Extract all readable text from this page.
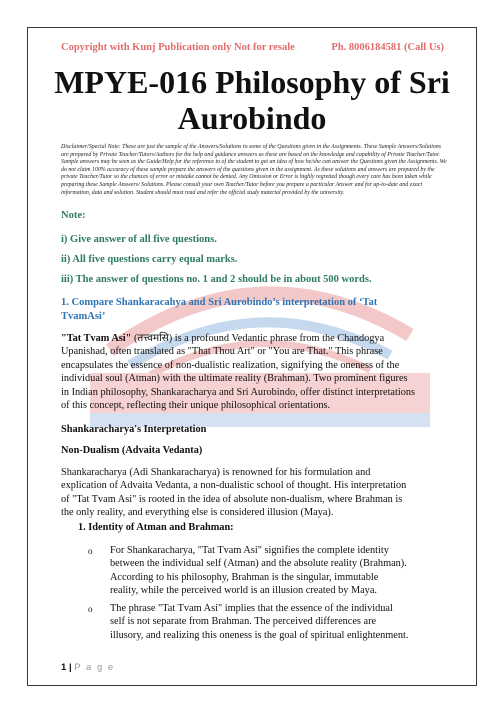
Copyright with Kunj Publication only Not for resale	Ph. 8006184581 (Call Us)
MPYE-016 Philosophy of Sri
Aurobindo
Disclaimer/Special Note: These are just the sample of the Answers/Solutions to some of the Questions given in the Assignments. These Sample Answers/Solutions are prepared by Private Teacher/Tutors/Authors for the help and guidance answers as these are based on the knowledge and capability of Private Teacher/Tutor. Sample answers may be seen as the Guide/Help for the reference to of the student to get an idea of how he/she can answer the Questions given the Assignments. We do not claim 100% accuracy of these sample prepare the answers of the questions given in the assignment. As these solutions and answers are prepared by the private Teacher/Tutor so the chances of error or mistake cannot be denied. Any Omission or Error is highly regretted though every care has been taken while preparing these Sample Answers/ Solutions. Please consult your own Teacher/Tutor before you prepare a particular Answer and for up-to-date and exact information, data and solution. Student should must read and refer the official study material provided by the university.
Note:
i) Give answer of all five questions.
ii) All five questions carry equal marks.
iii) The answer of questions no. 1 and 2 should be in about 500 words.
1. Compare Shankaracahya and Sri Aurobindo’s interpretation of ‘Tat
TvamAsi’
"Tat Tvam Asi" (तत्त्वमसि) is a profound Vedantic phrase from the Chandogya
Upanishad, often translated as "That Thou Art" or "You are That." This phrase
encapsulates the essence of non-dualistic realization, signifying the oneness of the
individual soul (Atman) with the ultimate reality (Brahman). Two prominent figures
in Indian philosophy, Shankaracharya and Sri Aurobindo, offer distinct interpretations
of this concept, reflecting their unique philosophical orientations.
Shankaracharya's Interpretation
Non-Dualism (Advaita Vedanta)
Shankaracharya (Adi Shankaracharya) is renowned for his formulation and
explication of Advaita Vedanta, a non-dualistic school of thought. His interpretation
of "Tat Tvam Asi" is rooted in the idea of absolute non-dualism, where Brahman is
the only reality, and everything else is considered illusion (Maya).
1. Identity of Atman and Brahman:
o For Shankaracharya, "Tat Tvam Asi" signifies the complete identity
between the individual self (Atman) and the absolute reality (Brahman).
According to his philosophy, Brahman is the singular, immutable
reality, while the perceived world is an illusion created by Maya.
o The phrase "Tat Tvam Asi" implies that the essence of the individual
self is not separate from Brahman. The perceived differences are
illusory, and realizing this oneness is the goal of spiritual enlightenment.
1 | P a g e
